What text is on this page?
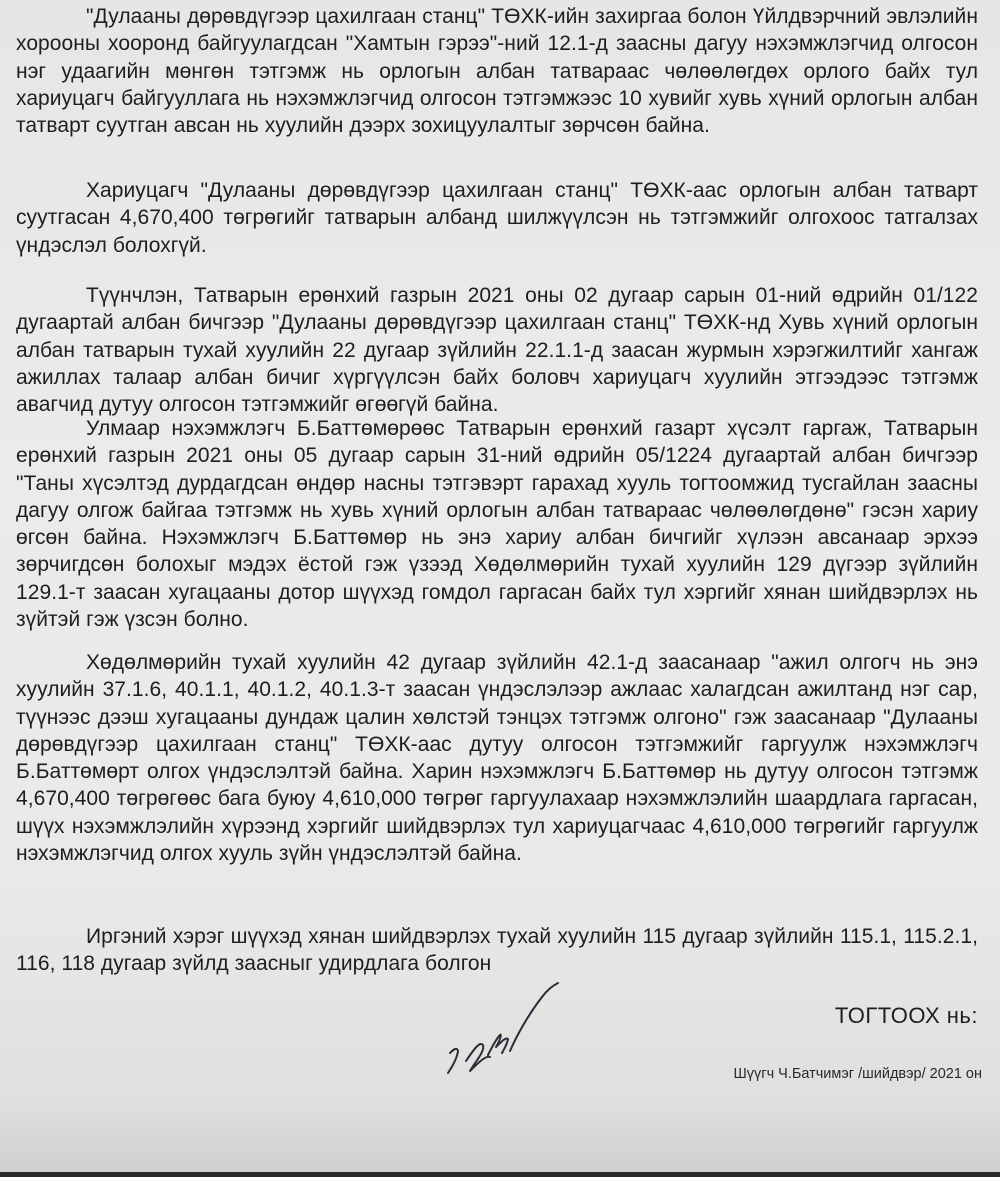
"Дулааны дөрөвдүгээр цахилгаан станц" ТӨХК-ийн захиргаа болон Үйлдвэрчний эвлэлийн хорооны хооронд байгуулагдсан "Хамтын гэрээ"-ний 12.1-д заасны дагуу нэхэмжлэгчид олгосон нэг удаагийн мөнгөн тэтгэмж нь орлогын албан татвараас чөлөөлөгдөх орлого байх тул хариуцагч байгууллага нь нэхэмжлэгчид олгосон тэтгэмжээс 10 хувийг хувь хүний орлогын албан татварт суутган авсан нь хуулийн дээрх зохицуулалтыг зөрчсөн байна.

Хариуцагч "Дулааны дөрөвдүгээр цахилгаан станц" ТӨХК-аас орлогын албан татварт суутгасан 4,670,400 төгрөгийг татварын албанд шилжүүлсэн нь тэтгэмжийг олгохоос татгалзах үндэслэл болохгүй.

Түүнчлэн, Татварын ерөнхий газрын 2021 оны 02 дугаар сарын 01-ний өдрийн 01/122 дугаартай албан бичгээр "Дулааны дөрөвдүгээр цахилгаан станц" ТӨХК-нд Хувь хүний орлогын албан татварын тухай хуулийн 22 дугаар зүйлийн 22.1.1-д заасан журмын хэрэгжилтийг хангаж ажиллах талаар албан бичиг хүргүүлсэн байх боловч хариуцагч хуулийн этгээдээс тэтгэмж авагчид дутуу олгосон тэтгэмжийг өгөөгүй байна.

Улмаар нэхэмжлэгч Б.Баттөмөрөөс Татварын ерөнхий газарт хүсэлт гаргаж, Татварын ерөнхий газрын 2021 оны 05 дугаар сарын 31-ний өдрийн 05/1224 дугаартай албан бичгээр "Таны хүсэлтэд дурдагдсан өндөр насны тэтгэвэрт гарахад хууль тогтоомжид тусгайлан заасны дагуу олгож байгаа тэтгэмж нь хувь хүний орлогын албан татвараас чөлөөлөгдөнө" гэсэн хариу өгсөн байна. Нэхэмжлэгч Б.Баттөмөр нь энэ хариу албан бичгийг хүлээн авсанаар эрхээ зөрчигдсөн болохыг мэдэх ёстой гэж үзээд Хөдөлмөрийн тухай хуулийн 129 дүгээр зүйлийн 129.1-т заасан хугацааны дотор шүүхэд гомдол гаргасан байх тул хэргийг хянан шийдвэрлэх нь зүйтэй гэж үзсэн болно.

Хөдөлмөрийн тухай хуулийн 42 дугаар зүйлийн 42.1-д заасанаар "ажил олгогч нь энэ хуулийн 37.1.6, 40.1.1, 40.1.2, 40.1.3-т заасан үндэслэлээр ажлаас халагдсан ажилтанд нэг сар, түүнээс дээш хугацааны дундаж цалин хөлстэй тэнцэх тэтгэмж олгоно" гэж заасанаар "Дулааны дөрөвдүгээр цахилгаан станц" ТӨХК-аас дутуу олгосон тэтгэмжийг гаргуулж нэхэмжлэгч Б.Баттөмөрт олгох үндэслэлтэй байна. Харин нэхэмжлэгч Б.Баттөмөр нь дутуу олгосон тэтгэмж 4,670,400 төгрөгөөс бага буюу 4,610,000 төгрөг гаргуулахаар нэхэмжлэлийн шаардлага гаргасан, шүүх нэхэмжлэлийн хүрээнд хэргийг шийдвэрлэх тул хариуцагчаас 4,610,000 төгрөгийг гаргуулж нэхэмжлэгчид олгох хууль зүйн үндэслэлтэй байна.

Иргэний хэрэг шүүхэд хянан шийдвэрлэх тухай хуулийн 115 дугаар зүйлийн 115.1, 115.2.1, 116, 118 дугаар зүйлд заасныг удирдлага болгон

ТОГТООХ нь:

Шүүгч Ч.Батчимэг /шийдвэр/ 2021 он
